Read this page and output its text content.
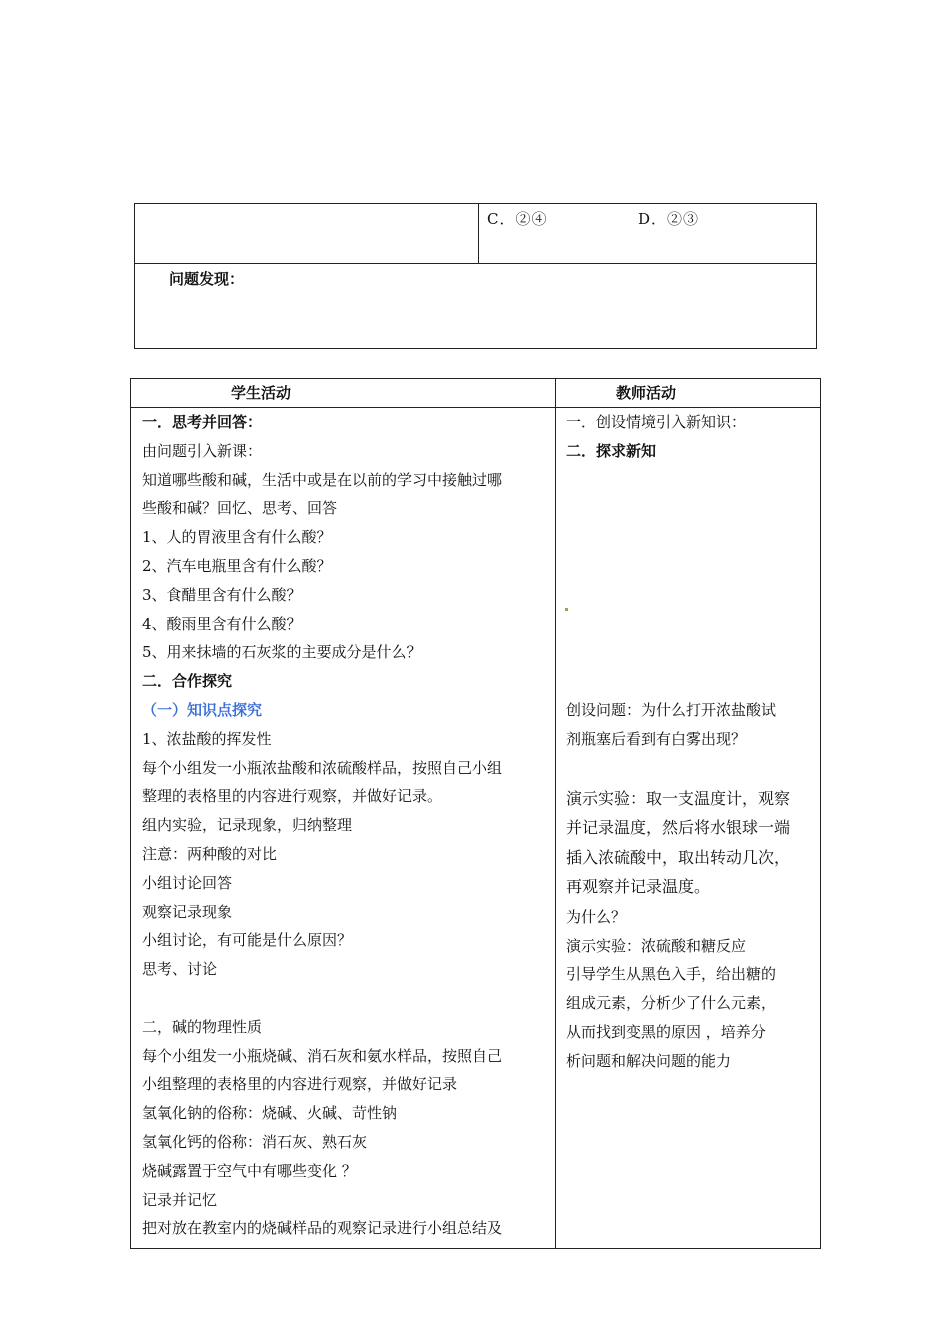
C．②④	D．②③
问题发现：
学生活动	教师活动
一．思考并回答：
由问题引入新课：
知道哪些酸和碱，生活中或是在以前的学习中接触过哪
些酸和碱？回忆、思考、回答
1、人的胃液里含有什么酸？
2、汽车电瓶里含有什么酸？
3、食醋里含有什么酸？
4、酸雨里含有什么酸？
5、用来抹墙的石灰浆的主要成分是什么？
二．合作探究
（一）知识点探究
1、浓盐酸的挥发性
每个小组发一小瓶浓盐酸和浓硫酸样品，按照自己小组
整理的表格里的内容进行观察，并做好记录。
组内实验，记录现象，归纳整理
注意：两种酸的对比
小组讨论回答
观察记录现象
小组讨论，有可能是什么原因？
思考、讨论
二，碱的物理性质
每个小组发一小瓶烧碱、消石灰和氨水样品，按照自己
小组整理的表格里的内容进行观察，并做好记录
氢氧化钠的俗称：烧碱、火碱、苛性钠
氢氧化钙的俗称：消石灰、熟石灰
烧碱露置于空气中有哪些变化 ？
记录并记忆
把对放在教室内的烧碱样品的观察记录进行小组总结及
一．创设情境引入新知识：
二．探求新知
创设问题：为什么打开浓盐酸试
剂瓶塞后看到有白雾出现？
演示实验：取一支温度计，观察
并记录温度，然后将水银球一端
插入浓硫酸中，取出转动几次，
再观察并记录温度。
为什么？
演示实验：浓硫酸和糖反应
引导学生从黑色入手，给出糖的
组成元素，分析少了什么元素，
从而找到变黑的原因 ，培养分
析问题和解决问题的能力
